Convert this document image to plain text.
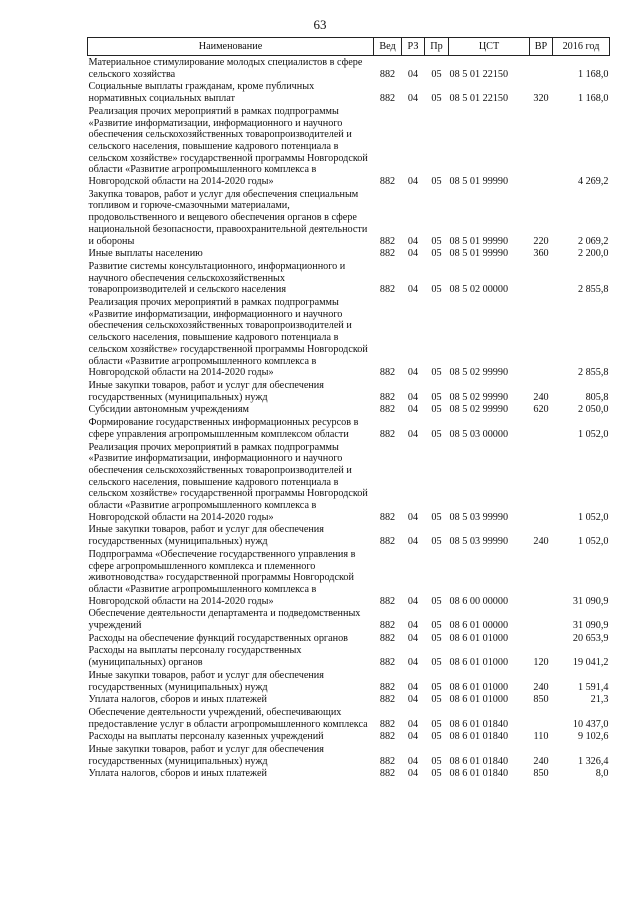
63
Наименование	Вед	РЗ	Пр	ЦСТ	ВР	2016 год
Материальное стимулирование молодых специалистов в сфере сельского хозяйства	882	04	05	08 5 01 22150		1 168,0
Социальные выплаты гражданам, кроме публичных нормативных социальных выплат	882	04	05	08 5 01 22150	320	1 168,0
Реализация прочих мероприятий в рамках подпрограммы «Развитие информатизации, информационного и научного обеспечения сельскохозяйственных товаропроизводителей и сельского населения, повышение кадрового потенциала в сельском хозяйстве» государственной программы Новгородской области «Развитие агропромышленного комплекса в Новгородской области на 2014-2020 годы»	882	04	05	08 5 01 99990		4 269,2
Закупка товаров, работ и услуг для обеспечения специальным топливом и горюче-смазочными материалами, продовольственного и вещевого обеспечения органов в сфере национальной безопасности, правоохранительной деятельности и обороны	882	04	05	08 5 01 99990	220	2 069,2
Иные выплаты населению	882	04	05	08 5 01 99990	360	2 200,0
Развитие системы консультационного, информационного и научного обеспечения сельскохозяйственных товаропроизводителей и сельского населения	882	04	05	08 5 02 00000		2 855,8
Реализация прочих мероприятий в рамках подпрограммы «Развитие информатизации, информационного и научного обеспечения сельскохозяйственных товаропроизводителей и сельского населения, повышение кадрового потенциала в сельском хозяйстве» государственной программы Новгородской области «Развитие агропромышленного комплекса в Новгородской области на 2014-2020 годы»	882	04	05	08 5 02 99990		2 855,8
Иные закупки товаров, работ и услуг для обеспечения государственных (муниципальных) нужд	882	04	05	08 5 02 99990	240	805,8
Субсидии автономным учреждениям	882	04	05	08 5 02 99990	620	2 050,0
Формирование государственных информационных ресурсов в сфере управления агропромышленным комплексом области	882	04	05	08 5 03 00000		1 052,0
Реализация прочих мероприятий в рамках подпрограммы «Развитие информатизации, информационного и научного обеспечения сельскохозяйственных товаропроизводителей и сельского населения, повышение кадрового потенциала в сельском хозяйстве» государственной программы Новгородской области «Развитие агропромышленного комплекса в Новгородской области на 2014-2020 годы»	882	04	05	08 5 03 99990		1 052,0
Иные закупки товаров, работ и услуг для обеспечения государственных (муниципальных) нужд	882	04	05	08 5 03 99990	240	1 052,0
Подпрограмма «Обеспечение государственного управления в сфере агропромышленного комплекса и племенного животноводства» государственной программы Новгородской области «Развитие агропромышленного комплекса в Новгородской области на 2014-2020 годы»	882	04	05	08 6 00 00000		31 090,9
Обеспечение деятельности департамента и подведомственных учреждений	882	04	05	08 6 01 00000		31 090,9
Расходы на обеспечение функций государственных органов	882	04	05	08 6 01 01000		20 653,9
Расходы на выплаты персоналу государственных (муниципальных) органов	882	04	05	08 6 01 01000	120	19 041,2
Иные закупки товаров, работ и услуг для обеспечения государственных (муниципальных) нужд	882	04	05	08 6 01 01000	240	1 591,4
Уплата налогов, сборов и иных платежей	882	04	05	08 6 01 01000	850	21,3
Обеспечение деятельности учреждений, обеспечивающих предоставление услуг в области агропромышленного комплекса	882	04	05	08 6 01 01840		10 437,0
Расходы на выплаты персоналу казенных учреждений	882	04	05	08 6 01 01840	110	9 102,6
Иные закупки товаров, работ и услуг для обеспечения государственных (муниципальных) нужд	882	04	05	08 6 01 01840	240	1 326,4
Уплата налогов, сборов и иных платежей	882	04	05	08 6 01 01840	850	8,0
